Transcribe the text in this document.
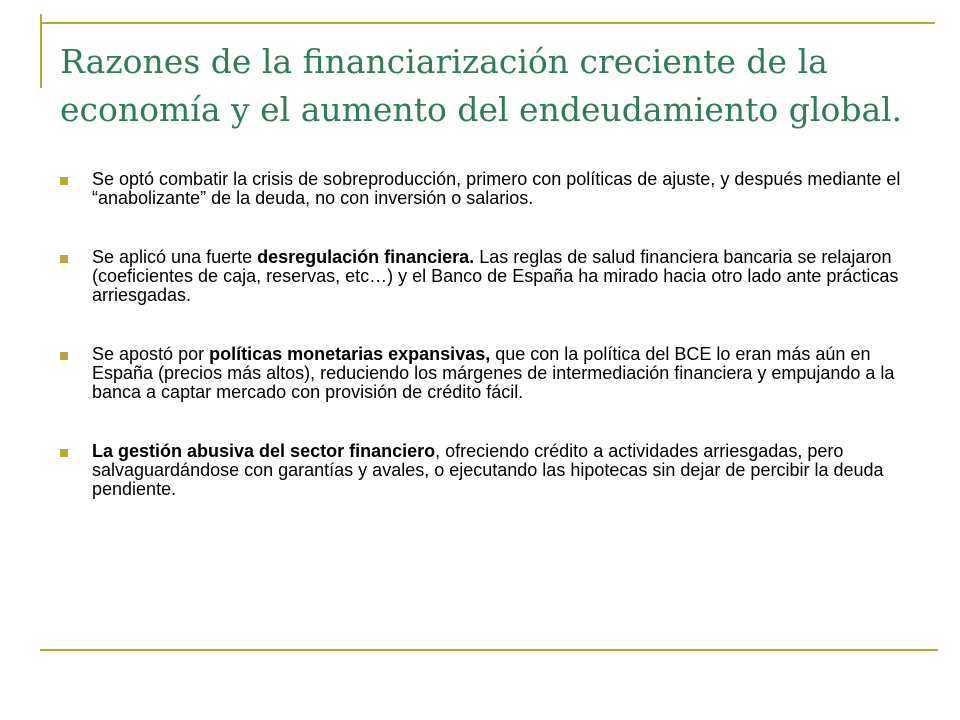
Razones de la financiarización creciente de la economía y el aumento del endeudamiento global.
Se optó combatir la crisis de sobreproducción, primero con políticas de ajuste, y después mediante el “anabolizante” de la deuda, no con inversión o salarios.
Se aplicó una fuerte desregulación financiera. Las reglas de salud financiera bancaria se relajaron (coeficientes de caja, reservas, etc…) y el Banco de España ha mirado hacia otro lado ante prácticas arriesgadas.
Se apostó por políticas monetarias expansivas, que con la política del BCE lo eran más aún en España (precios más altos), reduciendo los márgenes de intermediación financiera y empujando a la banca a captar mercado con provisión de crédito fácil.
La gestión abusiva del sector financiero, ofreciendo crédito a actividades arriesgadas, pero salvaguardándose con garantías y avales, o ejecutando las hipotecas sin dejar de percibir la deuda pendiente.
